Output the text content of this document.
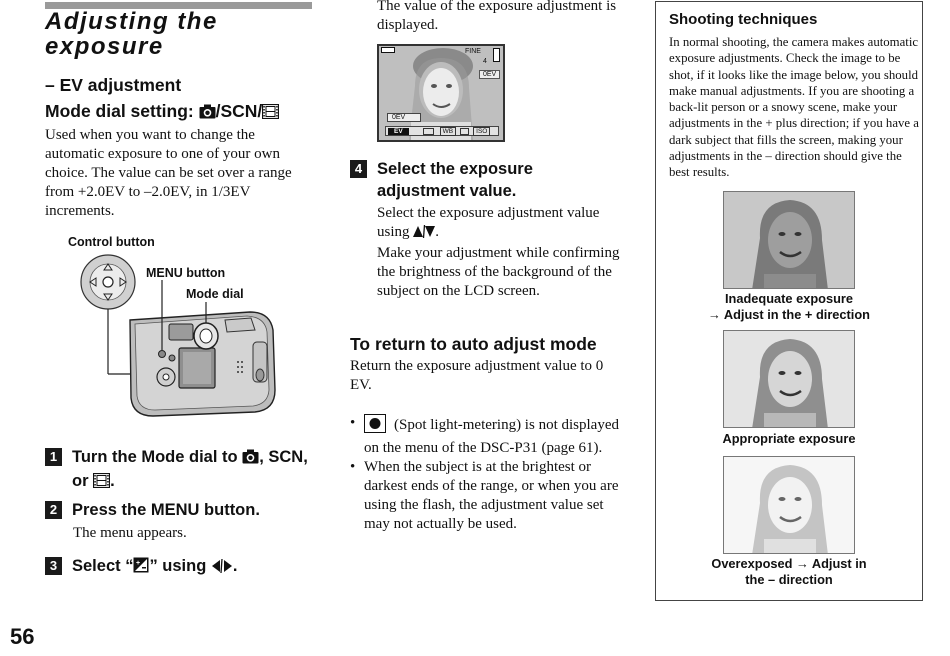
Adjusting the
exposure
– EV adjustment
Mode dial setting: /SCN/
Used when you want to change the automatic exposure to one of your own choice. The value can be set over a range from +2.0EV to –2.0EV, in 1/3EV increments.
Control button
MENU button
Mode dial
1 Turn the Mode dial to , SCN,
or .
2 Press the MENU button.
The menu appears.
3 Select “ + ” using .
The value of the exposure adjustment is displayed.
FINE
4
0EV
0EV
EV	WB	ISO
4 Select the exposure
adjustment value.
Select the exposure adjustment value using .
Make your adjustment while confirming the brightness of the background of the subject on the LCD screen.
To return to auto adjust mode
Return the exposure adjustment value to 0 EV.
•	(Spot light-metering) is not displayed on the menu of the DSC-P31 (page 61).
• When the subject is at the brightest or darkest ends of the range, or when you are using the flash, the adjustment value set may not actually be used.
Shooting techniques
In normal shooting, the camera makes automatic exposure adjustments. Check the image to be shot, if it looks like the image below, you should make manual adjustments. If you are shooting a back-lit person or a snowy scene, make your adjustments in the + plus direction; if you have a dark subject that fills the screen, making your adjustments in the – direction should give the best results.
Inadequate exposure
→ Adjust in the + direction
Appropriate exposure
Overexposed → Adjust in
the – direction
56
